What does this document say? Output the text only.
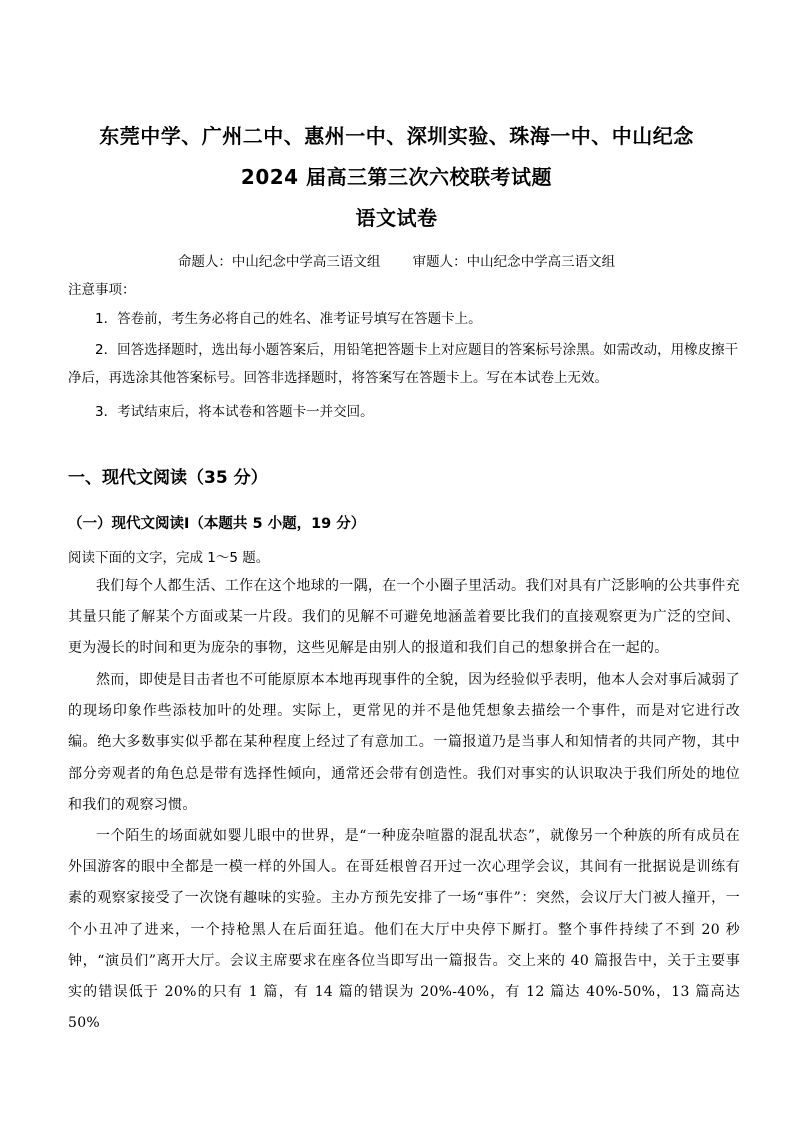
东莞中学、广州二中、惠州一中、深圳实验、珠海一中、中山纪念
2024 届高三第三次六校联考试题
语文试卷
命题人：中山纪念中学高三语文组 审题人：中山纪念中学高三语文组
注意事项：
1．答卷前，考生务必将自己的姓名、准考证号填写在答题卡上。
2．回答选择题时，选出每小题答案后，用铅笔把答题卡上对应题目的答案标号涂黑。如需改动，用橡皮擦干净后，再选涂其他答案标号。回答非选择题时，将答案写在答题卡上。写在本试卷上无效。
3．考试结束后，将本试卷和答题卡一并交回。
一、现代文阅读（35 分）
（一）现代文阅读Ⅰ（本题共 5 小题，19 分）
阅读下面的文字，完成 1～5 题。
我们每个人都生活、工作在这个地球的一隅，在一个小圈子里活动。我们对具有广泛影响的公共事件充其量只能了解某个方面或某一片段。我们的见解不可避免地涵盖着要比我们的直接观察更为广泛的空间、更为漫长的时间和更为庞杂的事物，这些见解是由别人的报道和我们自己的想象拼合在一起的。
然而，即使是目击者也不可能原原本本地再现事件的全貌，因为经验似乎表明，他本人会对事后减弱了的现场印象作些添枝加叶的处理。实际上，更常见的并不是他凭想象去描绘一个事件，而是对它进行改编。绝大多数事实似乎都在某种程度上经过了有意加工。一篇报道乃是当事人和知情者的共同产物，其中部分旁观者的角色总是带有选择性倾向，通常还会带有创造性。我们对事实的认识取决于我们所处的地位和我们的观察习惯。
一个陌生的场面就如婴儿眼中的世界，是“一种庞杂喧嚣的混乱状态”，就像另一个种族的所有成员在外国游客的眼中全都是一模一样的外国人。在哥廷根曾召开过一次心理学会议，其间有一批据说是训练有素的观察家接受了一次饶有趣味的实验。主办方预先安排了一场“事件”：突然，会议厅大门被人撞开，一个小丑冲了进来，一个持枪黑人在后面狂追。他们在大厅中央停下厮打。整个事件持续了不到 20 秒钟，“演员们”离开大厅。会议主席要求在座各位当即写出一篇报告。交上来的 40 篇报告中，关于主要事实的错误低于 20%的只有 1 篇，有 14 篇的错误为 20%-40%，有 12 篇达 40%-50%，13 篇高达 50%
